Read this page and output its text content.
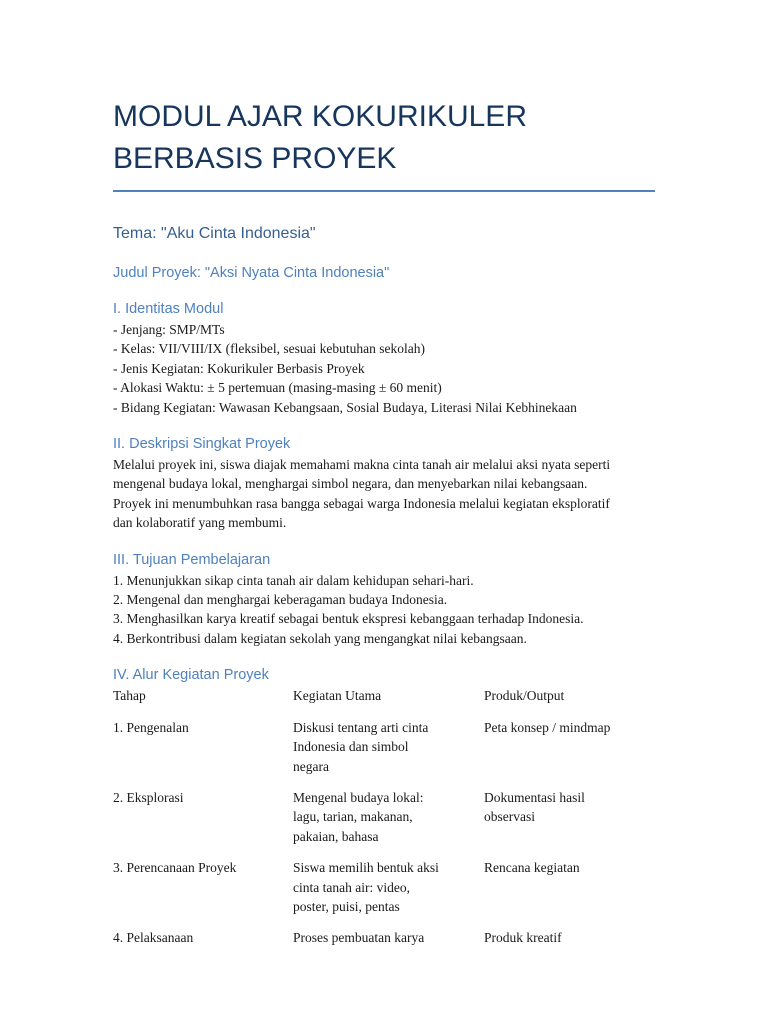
MODUL AJAR KOKURIKULER BERBASIS PROYEK
Tema: "Aku Cinta Indonesia"
Judul Proyek: "Aksi Nyata Cinta Indonesia"
I. Identitas Modul
- Jenjang: SMP/MTs
- Kelas: VII/VIII/IX (fleksibel, sesuai kebutuhan sekolah)
- Jenis Kegiatan: Kokurikuler Berbasis Proyek
- Alokasi Waktu: ± 5 pertemuan (masing-masing ± 60 menit)
- Bidang Kegiatan: Wawasan Kebangsaan, Sosial Budaya, Literasi Nilai Kebhinekaan
II. Deskripsi Singkat Proyek
Melalui proyek ini, siswa diajak memahami makna cinta tanah air melalui aksi nyata seperti
mengenal budaya lokal, menghargai simbol negara, dan menyebarkan nilai kebangsaan.
Proyek ini menumbuhkan rasa bangga sebagai warga Indonesia melalui kegiatan eksploratif
dan kolaboratif yang membumi.
III. Tujuan Pembelajaran
1. Menunjukkan sikap cinta tanah air dalam kehidupan sehari-hari.
2. Mengenal dan menghargai keberagaman budaya Indonesia.
3. Menghasilkan karya kreatif sebagai bentuk ekspresi kebanggaan terhadap Indonesia.
4. Berkontribusi dalam kegiatan sekolah yang mengangkat nilai kebangsaan.
IV. Alur Kegiatan Proyek
Tahap	Kegiatan Utama	Produk/Output
1. Pengenalan	Diskusi tentang arti cinta
Indonesia dan simbol
negara	Peta konsep / mindmap

2. Eksplorasi	Mengenal budaya lokal:
lagu, tarian, makanan,
pakaian, bahasa	Dokumentasi hasil
observasi

3. Perencanaan Proyek	Siswa memilih bentuk aksi
cinta tanah air: video,
poster, puisi, pentas	Rencana kegiatan

4. Pelaksanaan	Proses pembuatan karya	Produk kreatif
